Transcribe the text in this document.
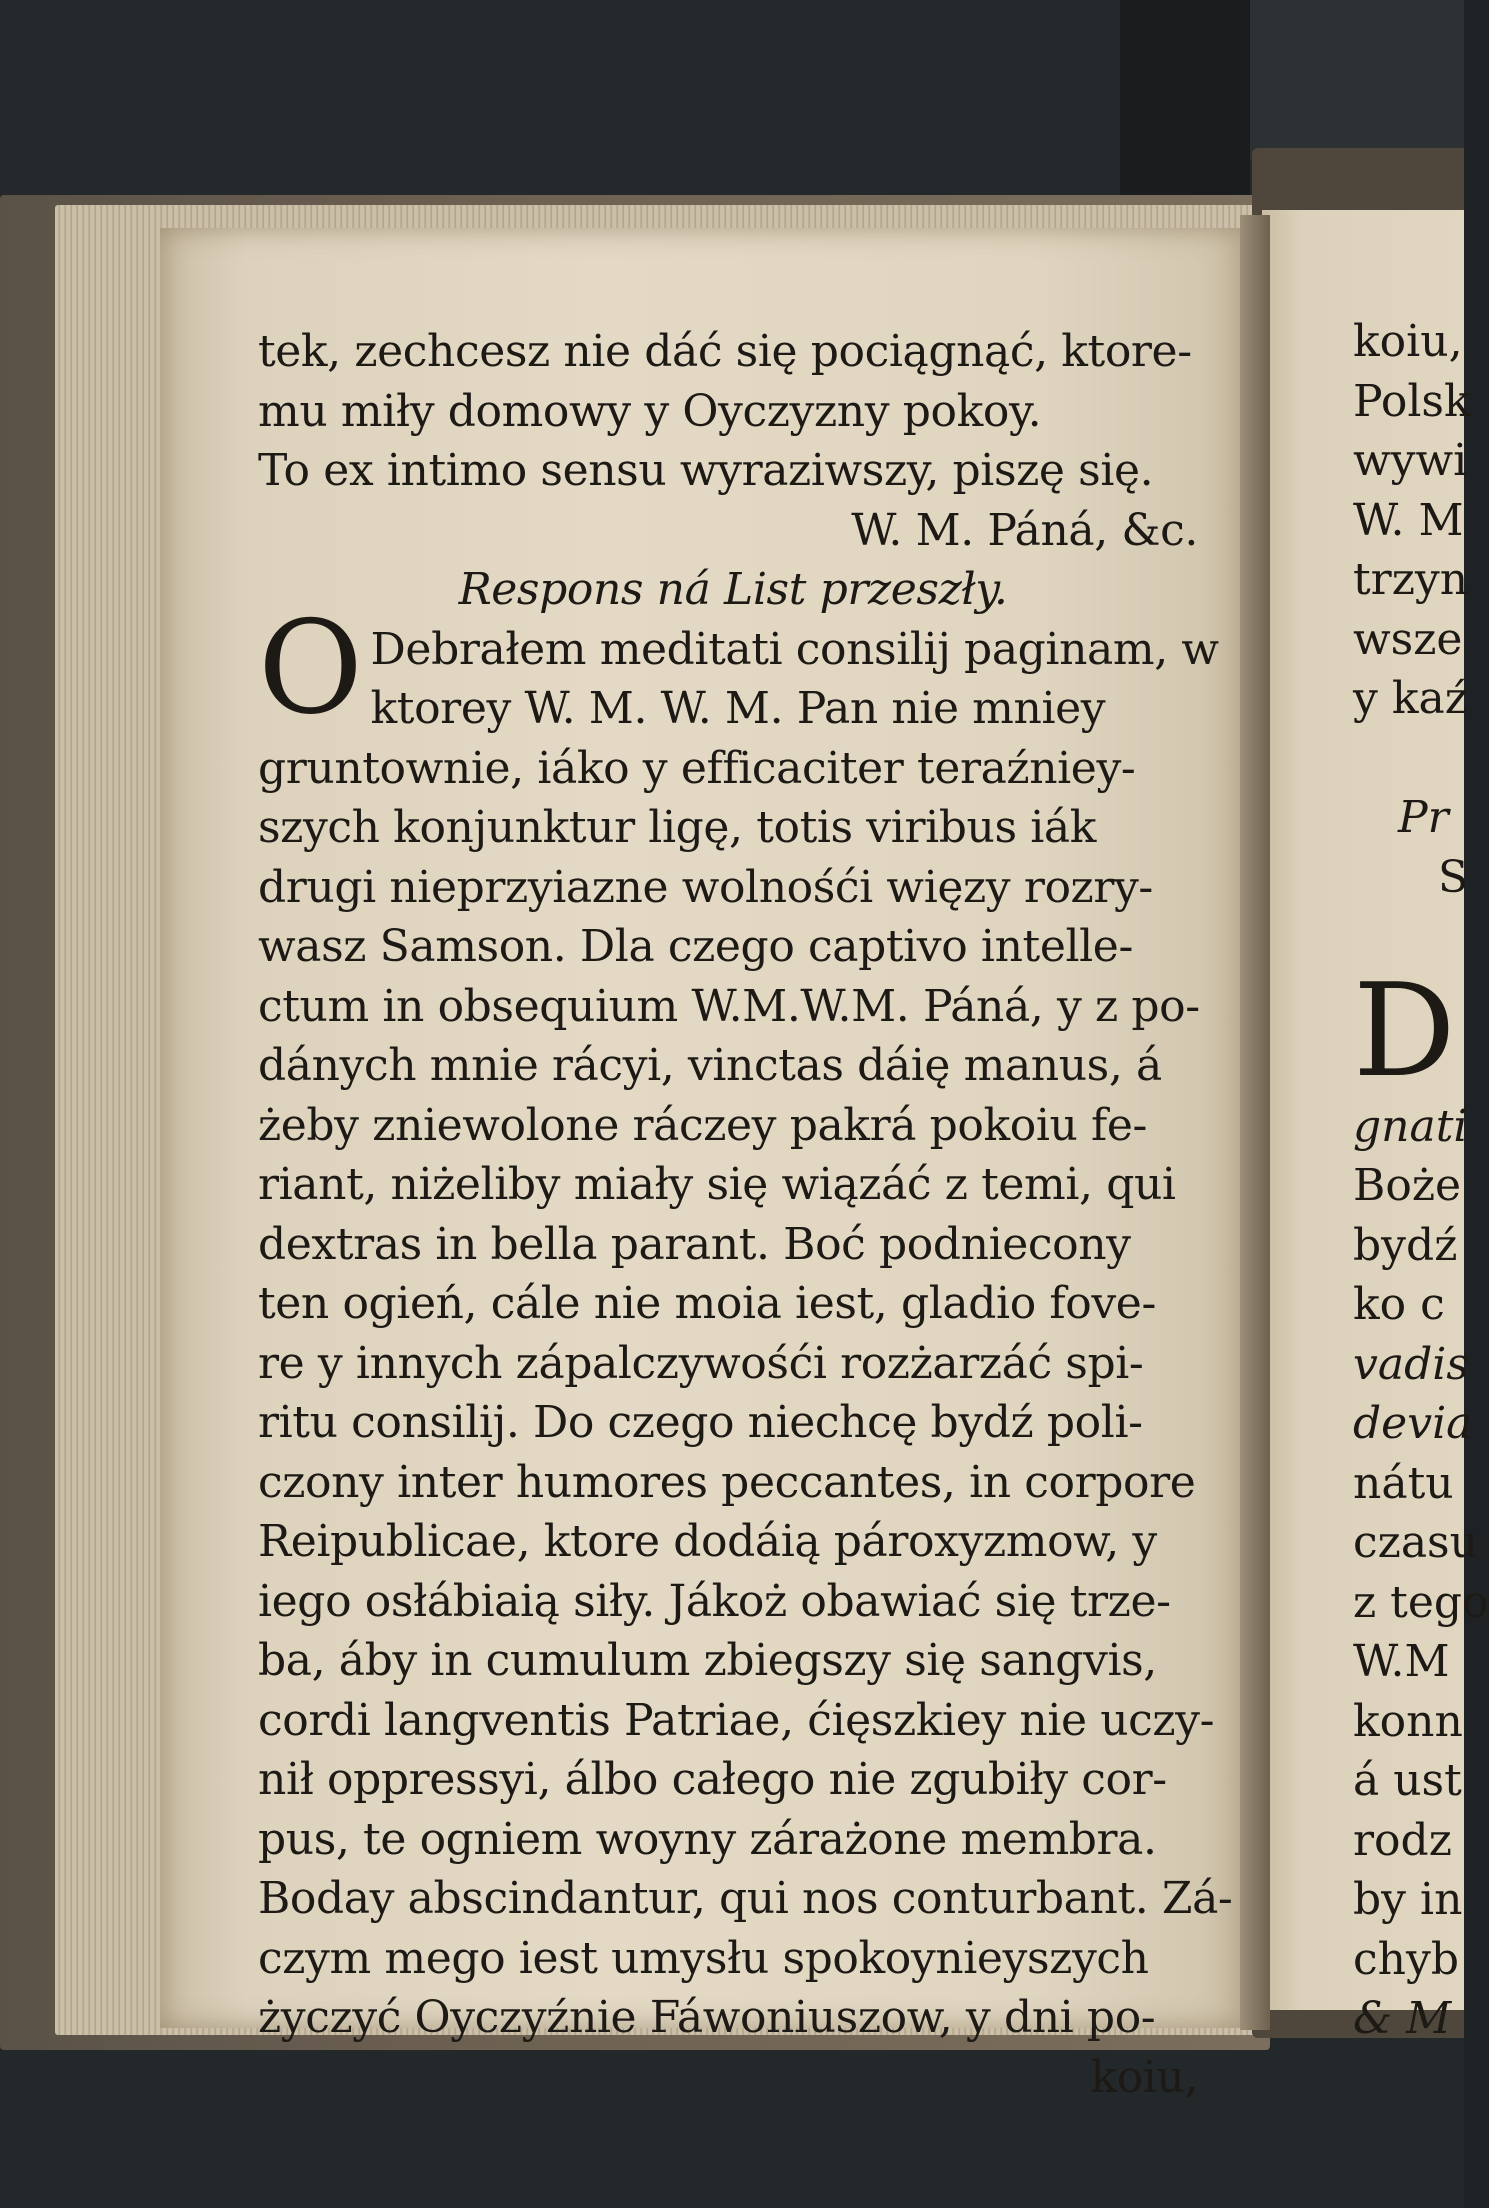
tek, zechcesz nie dáć się pociągnąć, ktore-
mu miły domowy y Oyczyzny pokoy.
To ex intimo sensu wyraziwszy, piszę się.
W. M. Páná, &c.
Respons ná List przeszły.
O Debrałem meditati consilij paginam, w
ktorey W. M. W. M. Pan nie mniey
gruntownie, iáko y efficaciter teraźniey-
szych konjunktur ligę, totis viribus iák
drugi nieprzyiazne wolnośći więzy rozry-
wasz Samson. Dla czego captivo intelle-
ctum in obsequium W.M.W.M. Páná, y z po-
dánych mnie rácyi, vinctas dáię manus, á
żeby zniewolone ráczey pakrá pokoiu fe-
riant, niżeliby miały się wiązáć z temi, qui
dextras in bella parant. Boć podniecony
ten ogień, cále nie moia iest, gladio fove-
re y innych zápalczywośći rozżarzáć spi-
ritu consilij. Do czego niechcę bydź poli-
czony inter humores peccantes, in corpore
Reipublicae, ktore dodáią pároxyzmow, y
iego osłábiaią siły. Jákoż obawiać się trze-
ba, áby in cumulum zbiegszy się sangvis,
cordi langventis Patriae, ćięszkiey nie uczy-
nił oppressyi, álbo całego nie zgubiły cor-
pus, te ogniem woyny zárażone membra.
Boday abscindantur, qui nos conturbant. Zá-
czym mego iest umysłu spokoynieyszych
życzyć Oyczyźnie Fáwoniuszow, y dni po-
koiu,
koiu,
Polsk
wywi
W. M
trzyn
wsze
y kaź
Pr
S
D
gnati
Boże
bydź
ko c
vadis
devia
nátu
czasu
z tego
W.M
konn
á ust
rodz
by in
chyb
& M
